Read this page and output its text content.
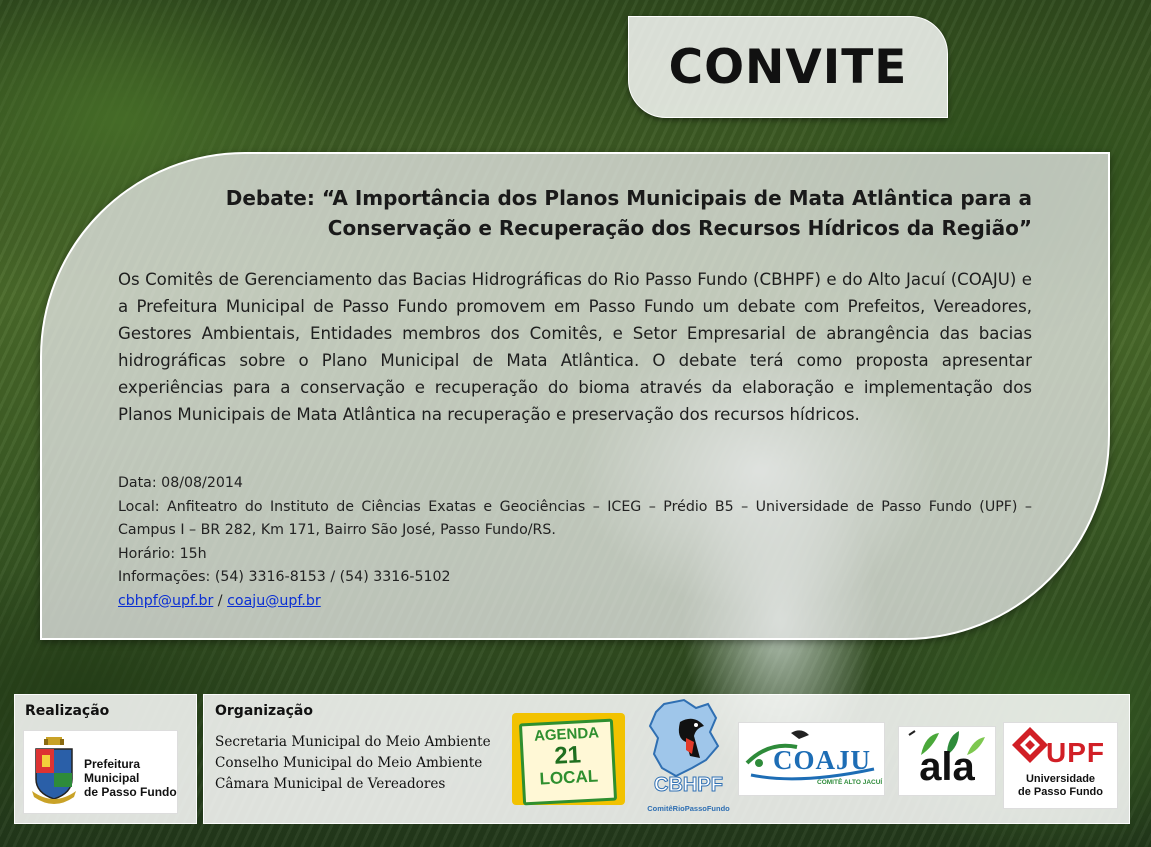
CONVITE
Debate: “A Importância dos Planos Municipais de Mata Atlântica para a
Conservação e Recuperação dos Recursos Hídricos da Região”
Os Comitês de Gerenciamento das Bacias Hidrográficas do Rio Passo Fundo (CBHPF) e do Alto Jacuí (COAJU) e a Prefeitura Municipal de Passo Fundo promovem em Passo Fundo um debate com Prefeitos, Vereadores, Gestores Ambientais, Entidades membros dos Comitês, e Setor Empresarial de abrangência das bacias hidrográficas sobre o Plano Municipal de Mata Atlântica. O debate terá como proposta apresentar experiências para a conservação e recuperação do bioma através da elaboração e implementação dos Planos Municipais de Mata Atlântica na recuperação e preservação dos recursos hídricos.
Data: 08/08/2014
Local: Anfiteatro do Instituto de Ciências Exatas e Geociências – ICEG – Prédio B5 – Universidade de Passo Fundo (UPF) – Campus I – BR 282, Km 171, Bairro São José, Passo Fundo/RS.
Horário: 15h
Informações: (54) 3316-8153 / (54) 3316-5102
cbhpf@upf.br / coaju@upf.br
Realização
Prefeitura Municipal
de Passo Fundo
Organização
Secretaria Municipal do Meio Ambiente
Conselho Municipal do Meio Ambiente
Câmara Municipal de Vereadores
AGENDA
21
LOCAL	CBHPF
ComitêRioPassoFundo
COAJU
COMITÊ ALTO JACUÍ ala	UPF
Universidade
de Passo Fundo
